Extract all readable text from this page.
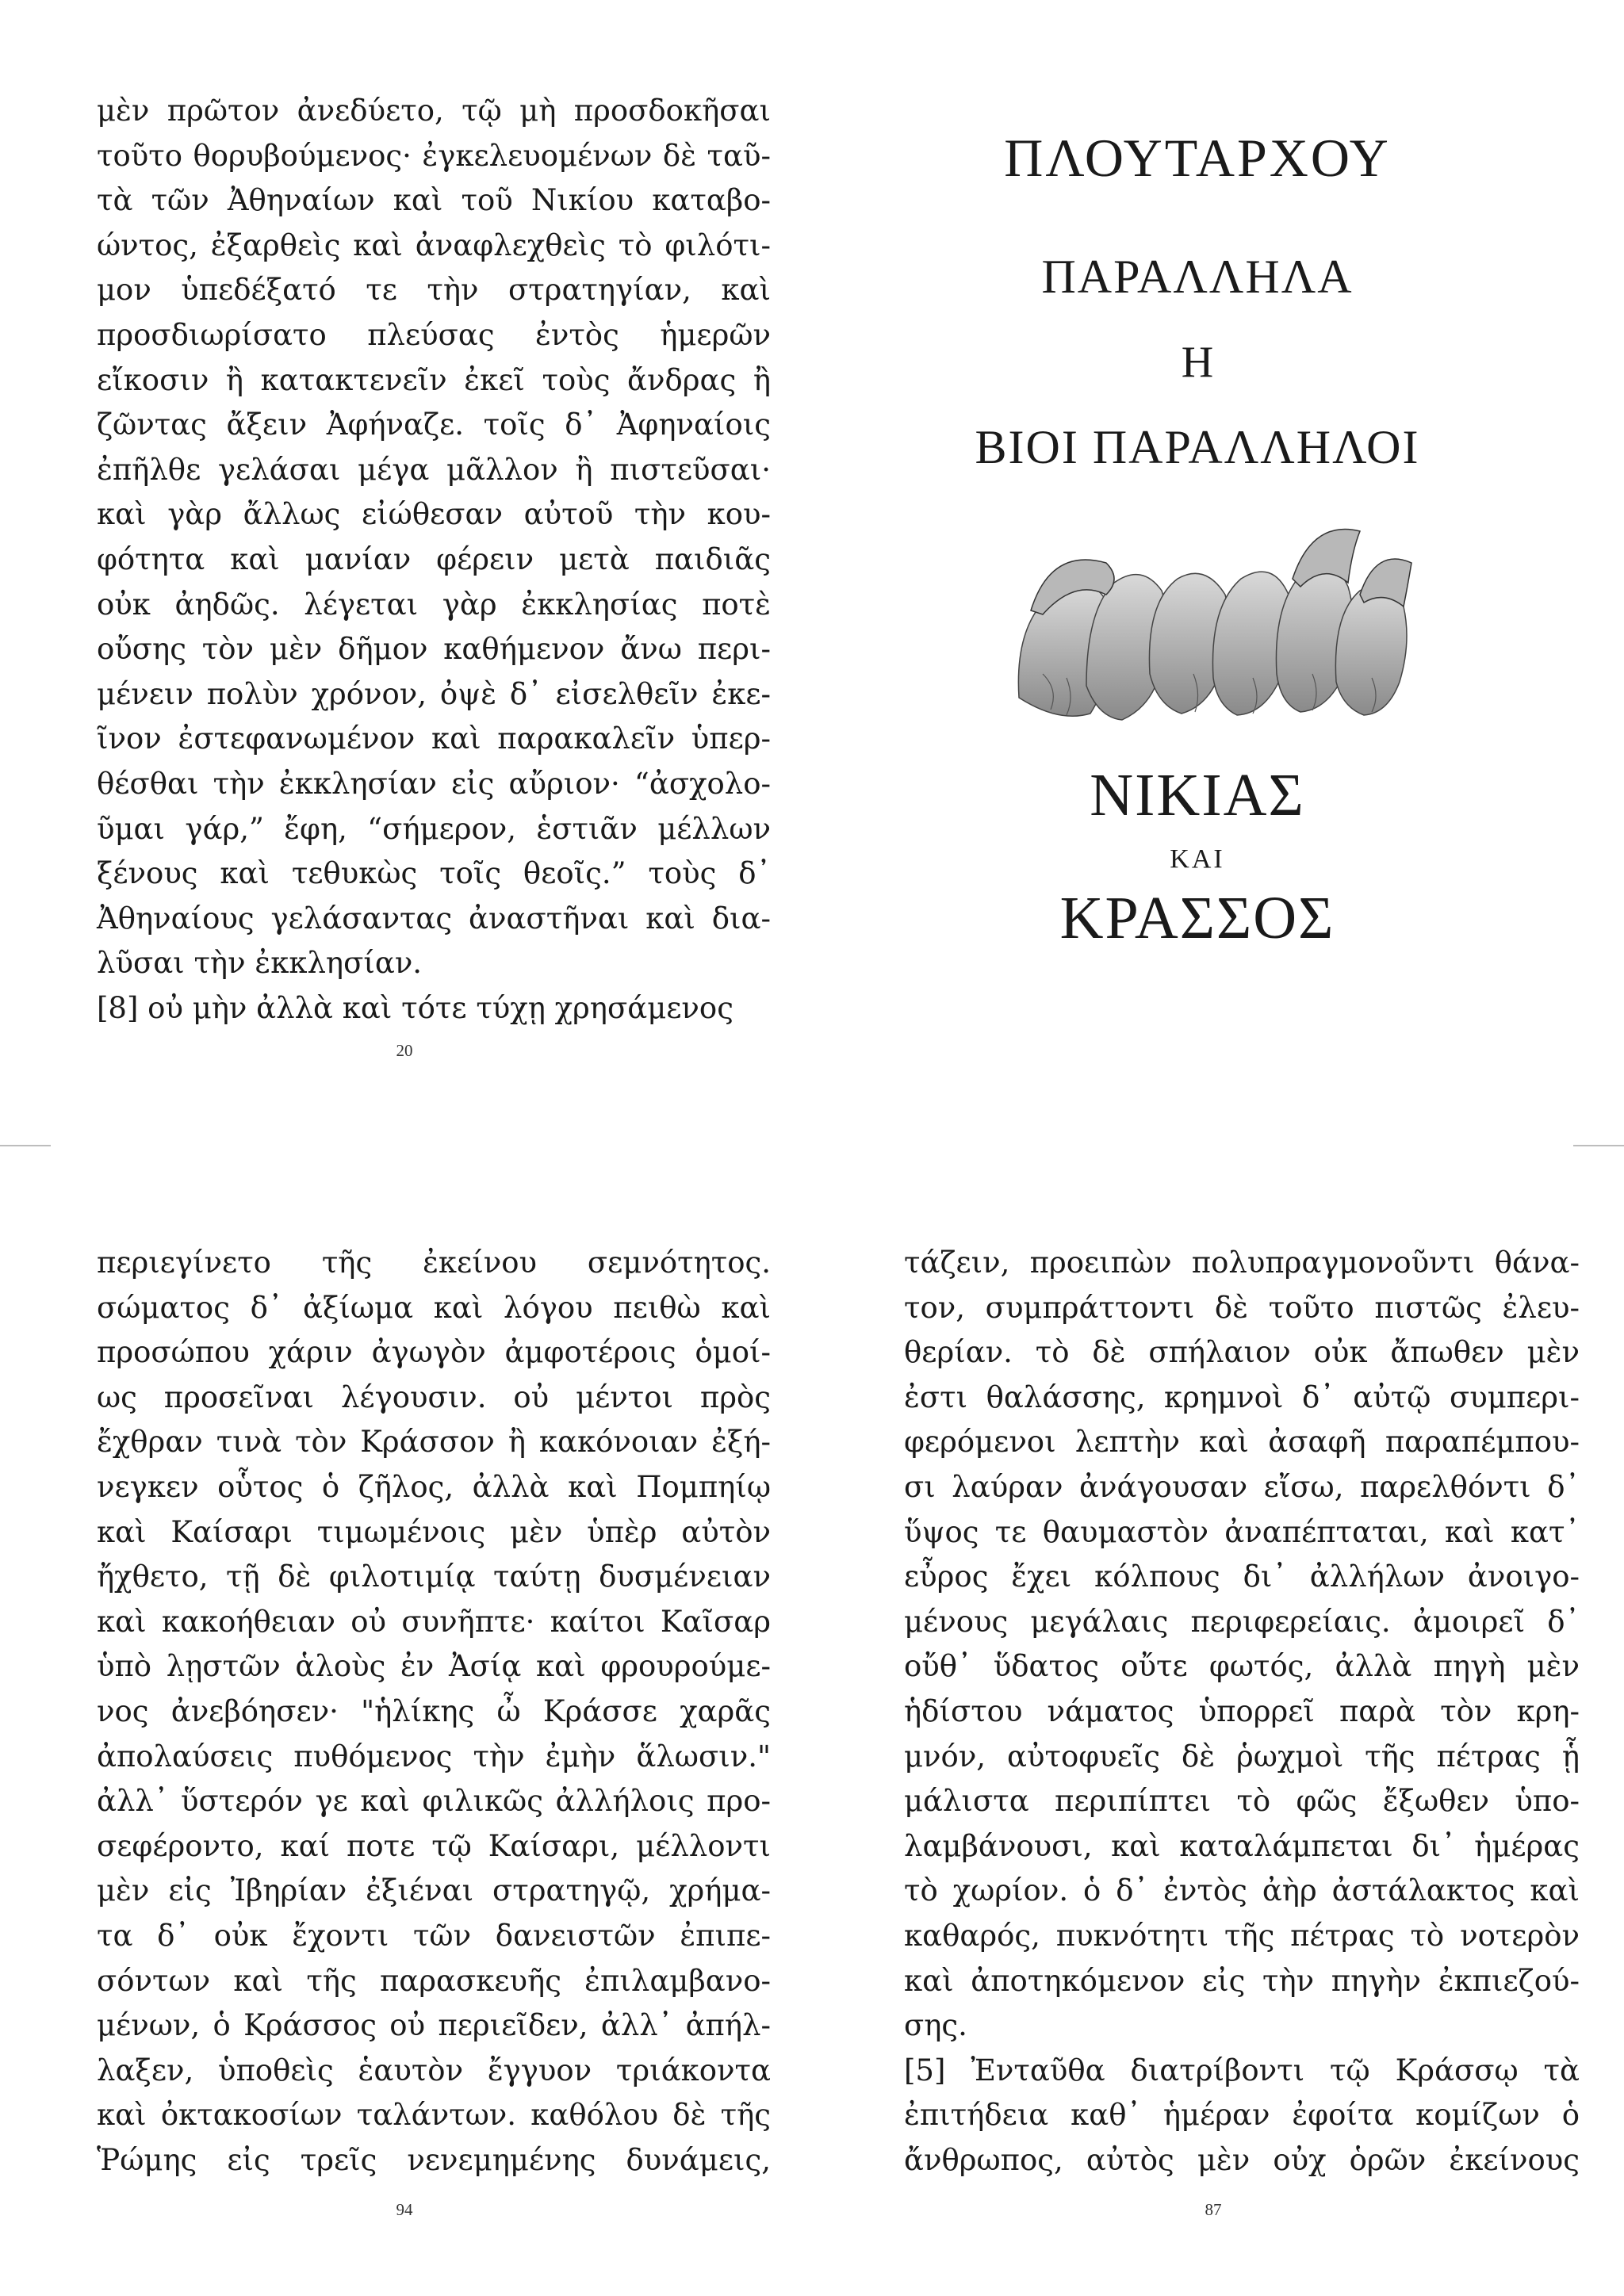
μὲν πρῶτον ἀνεδύετο, τῷ μὴ προσδοκῆσαι
τοῦτο θορυβούμενος· ἐγκελευομένων δὲ ταῦ-
τὰ τῶν Ἀθηναίων καὶ τοῦ Νικίου καταβο-
ώντος, ἐξαρθεὶς καὶ ἀναφλεχθεὶς τὸ φιλότι-
μον ὑπεδέξατό τε τὴν στρατηγίαν, καὶ
προσδιωρίσατο πλεύσας ἐντὸς ἡμερῶν
εἴκοσιν ἢ κατακτενεῖν ἐκεῖ τοὺς ἄνδρας ἢ
ζῶντας ἄξειν Ἀφήναζε. τοῖς δ᾽ Ἀφηναίοις
ἐπῆλθε γελάσαι μέγα μᾶλλον ἢ πιστεῦσαι·
καὶ γὰρ ἄλλως εἰώθεσαν αὐτοῦ τὴν κου-
φότητα καὶ μανίαν φέρειν μετὰ παιδιᾶς
οὐκ ἀηδῶς. λέγεται γὰρ ἐκκλησίας ποτὲ
οὔσης τὸν μὲν δῆμον καθήμενον ἄνω περι-
μένειν πολὺν χρόνον, ὀψὲ δ᾽ εἰσελθεῖν ἐκε-
ῖνον ἐστεφανωμένον καὶ παρακαλεῖν ὑπερ-
θέσθαι τὴν ἐκκλησίαν εἰς αὔριον· “ἀσχολο-
ῦμαι γάρ,” ἔφη, “σήμερον, ἑστιᾶν μέλλων
ξένους καὶ τεθυκὼς τοῖς θεοῖς.” τοὺς δ᾽
Ἀθηναίους γελάσαντας ἀναστῆναι καὶ δια-
λῦσαι τὴν ἐκκλησίαν.
[8] οὐ μὴν ἀλλὰ καὶ τότε τύχῃ χρησάμενος
20
ΠΛΟΥΤΑΡΧΟΥ
ΠΑΡΑΛΛΗΛΑ
Η
ΒΙΟΙ ΠΑΡΑΛΛΗΛΟΙ
ΝΙΚΙΑΣ
ΚΑΙ
ΚΡΑΣΣΟΣ
περιεγίνετο τῆς ἐκείνου σεμνότητος.
σώματος δ᾽ ἀξίωμα καὶ λόγου πειθὼ καὶ
προσώπου χάριν ἀγωγὸν ἀμφοτέροις ὁμοί-
ως προσεῖναι λέγουσιν. οὐ μέντοι πρὸς
ἔχθραν τινὰ τὸν Κράσσον ἢ κακόνοιαν ἐξή-
νεγκεν οὗτος ὁ ζῆλος, ἀλλὰ καὶ Πομπηίῳ
καὶ Καίσαρι τιμωμένοις μὲν ὑπὲρ αὐτὸν
ἤχθετο, τῇ δὲ φιλοτιμίᾳ ταύτῃ δυσμένειαν
καὶ κακοήθειαν οὐ συνῆπτε· καίτοι Καῖσαρ
ὑπὸ λῃστῶν ἁλοὺς ἐν Ἀσίᾳ καὶ φρουρούμε-
νος ἀνεβόησεν· "ἡλίκης ὦ Κράσσε χαρᾶς
ἀπολαύσεις πυθόμενος τὴν ἐμὴν ἅλωσιν."
ἀλλ᾽ ὕστερόν γε καὶ φιλικῶς ἀλλήλοις προ-
σεφέροντο, καί ποτε τῷ Καίσαρι, μέλλοντι
μὲν εἰς Ἰβηρίαν ἐξιέναι στρατηγῷ, χρήμα-
τα δ᾽ οὐκ ἔχοντι τῶν δανειστῶν ἐπιπε-
σόντων καὶ τῆς παρασκευῆς ἐπιλαμβανο-
μένων, ὁ Κράσσος οὐ περιεῖδεν, ἀλλ᾽ ἀπήλ-
λαξεν, ὑποθεὶς ἑαυτὸν ἔγγυον τριάκοντα
καὶ ὀκτακοσίων ταλάντων. καθόλου δὲ τῆς
Ῥώμης εἰς τρεῖς νενεμημένης δυνάμεις,
94
τάζειν, προειπὼν πολυπραγμονοῦντι θάνα-
τον, συμπράττοντι δὲ τοῦτο πιστῶς ἐλευ-
θερίαν. τὸ δὲ σπήλαιον οὐκ ἄπωθεν μὲν
ἐστι θαλάσσης, κρημνοὶ δ᾽ αὐτῷ συμπερι-
φερόμενοι λεπτὴν καὶ ἀσαφῆ παραπέμπου-
σι λαύραν ἀνάγουσαν εἴσω, παρελθόντι δ᾽
ὕψος τε θαυμαστὸν ἀναπέπταται, καὶ κατ᾽
εὖρος ἔχει κόλπους δι᾽ ἀλλήλων ἀνοιγο-
μένους μεγάλαις περιφερείαις. ἀμοιρεῖ δ᾽
οὔθ᾽ ὕδατος οὔτε φωτός, ἀλλὰ πηγὴ μὲν
ἡδίστου νάματος ὑπορρεῖ παρὰ τὸν κρη-
μνόν, αὐτοφυεῖς δὲ ῥωχμοὶ τῆς πέτρας ᾗ
μάλιστα περιπίπτει τὸ φῶς ἔξωθεν ὑπο-
λαμβάνουσι, καὶ καταλάμπεται δι᾽ ἡμέρας
τὸ χωρίον. ὁ δ᾽ ἐντὸς ἀὴρ ἀστάλακτος καὶ
καθαρός, πυκνότητι τῆς πέτρας τὸ νοτερὸν
καὶ ἀποτηκόμενον εἰς τὴν πηγὴν ἐκπιεζού-
σης.
[5] Ἐνταῦθα διατρίβοντι τῷ Κράσσῳ τὰ
ἐπιτήδεια καθ᾽ ἡμέραν ἐφοίτα κομίζων ὁ
ἄνθρωπος, αὐτὸς μὲν οὐχ ὁρῶν ἐκείνους
87
